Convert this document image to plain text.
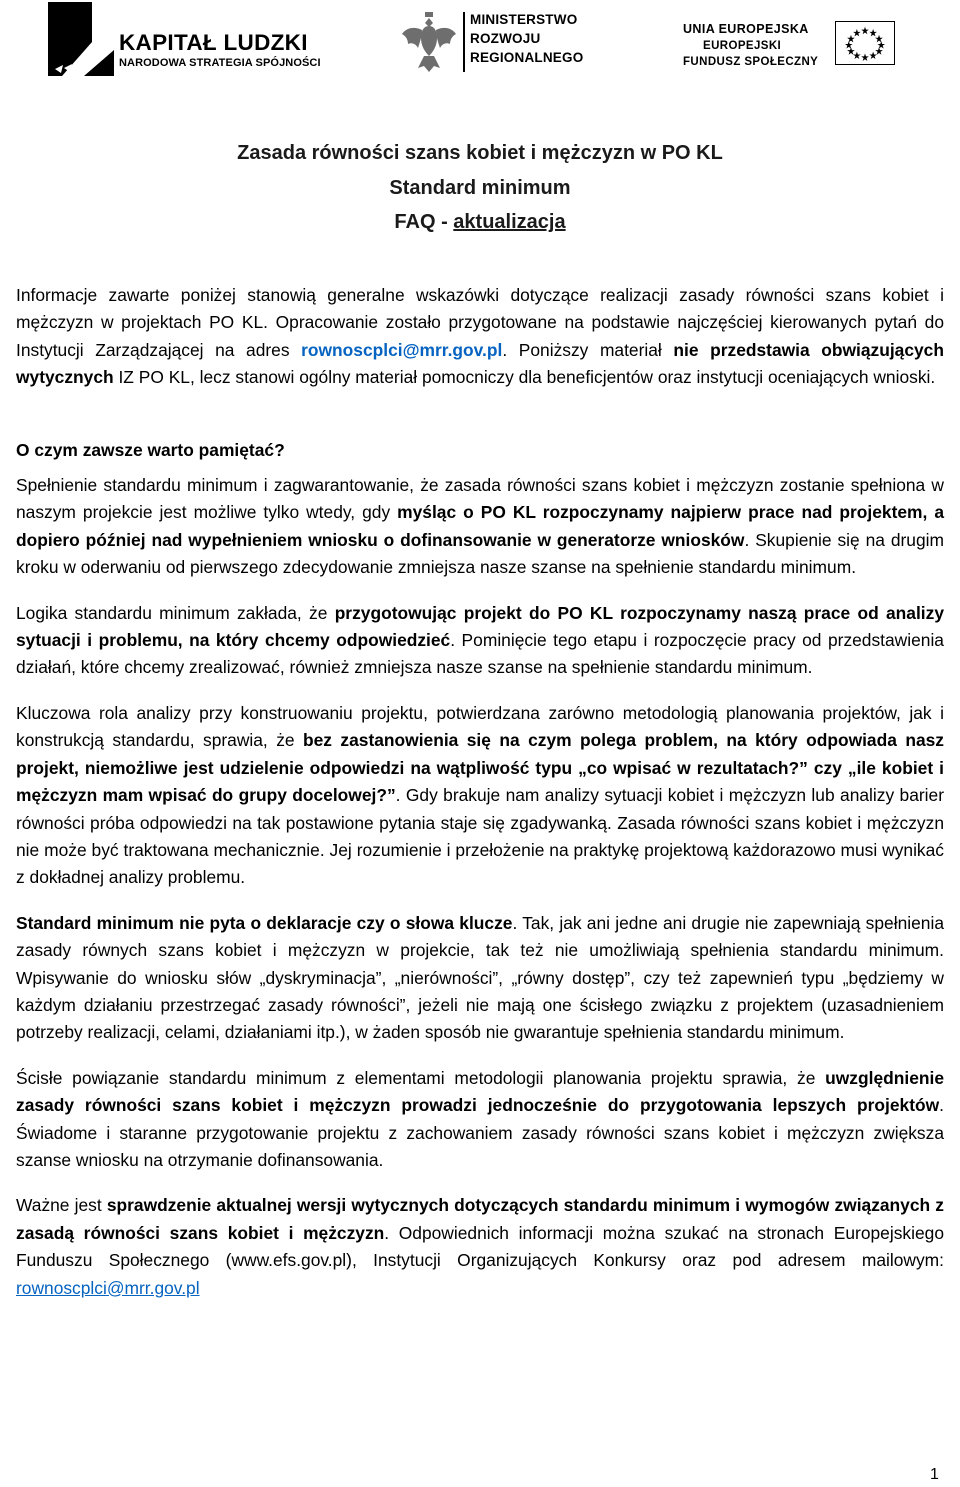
KAPITAŁ LUDZKI
NARODOWA STRATEGIA SPÓJNOŚCI
MINISTERSTWO
ROZWOJU
REGIONALNEGO
UNIA EUROPEJSKA
EUROPEJSKI
FUNDUSZ SPOŁECZNY
Zasada równości szans kobiet i mężczyzn w PO KL
Standard minimum
FAQ - aktualizacja

Informacje zawarte poniżej stanowią generalne wskazówki dotyczące realizacji zasady równości szans kobiet i mężczyzn w projektach PO KL. Opracowanie zostało przygotowane na podstawie najczęściej kierowanych pytań do Instytucji Zarządzającej na adres rownoscplci@mrr.gov.pl. Poniższy materiał nie przedstawia obwiązujących wytycznych IZ PO KL, lecz stanowi ogólny materiał pomocniczy dla beneficjentów oraz instytucji oceniających wnioski.

O czym zawsze warto pamiętać?

Spełnienie standardu minimum i zagwarantowanie, że zasada równości szans kobiet i mężczyzn zostanie spełniona w naszym projekcie jest możliwe tylko wtedy, gdy myśląc o PO KL rozpoczynamy najpierw prace nad projektem, a dopiero później nad wypełnieniem wniosku o dofinansowanie w generatorze wniosków. Skupienie się na drugim kroku w oderwaniu od pierwszego zdecydowanie zmniejsza nasze szanse na spełnienie standardu minimum.

Logika standardu minimum zakłada, że przygotowując projekt do PO KL rozpoczynamy naszą prace od analizy sytuacji i problemu, na który chcemy odpowiedzieć. Pominięcie tego etapu i rozpoczęcie pracy od przedstawienia działań, które chcemy zrealizować, również zmniejsza nasze szanse na spełnienie standardu minimum.

Kluczowa rola analizy przy konstruowaniu projektu, potwierdzana zarówno metodologią planowania projektów, jak i konstrukcją standardu, sprawia, że bez zastanowienia się na czym polega problem, na który odpowiada nasz projekt, niemożliwe jest udzielenie odpowiedzi na wątpliwość typu „co wpisać w rezultatach?” czy „ile kobiet i mężczyzn mam wpisać do grupy docelowej?”. Gdy brakuje nam analizy sytuacji kobiet i mężczyzn lub analizy barier równości próba odpowiedzi na tak postawione pytania staje się zgadywanką. Zasada równości szans kobiet i mężczyzn nie może być traktowana mechanicznie. Jej rozumienie i przełożenie na praktykę projektową każdorazowo musi wynikać z dokładnej analizy problemu.

Standard minimum nie pyta o deklaracje czy o słowa klucze. Tak, jak ani jedne ani drugie nie zapewniają spełnienia zasady równych szans kobiet i mężczyzn w projekcie, tak też nie umożliwiają spełnienia standardu minimum. Wpisywanie do wniosku słów „dyskryminacja”, „nierówności”, „równy dostęp”, czy też zapewnień typu „będziemy w każdym działaniu przestrzegać zasady równości”, jeżeli nie mają one ścisłego związku z projektem (uzasadnieniem potrzeby realizacji, celami, działaniami itp.), w żaden sposób nie gwarantuje spełnienia standardu minimum.

Ścisłe powiązanie standardu minimum z elementami metodologii planowania projektu sprawia, że uwzględnienie zasady równości szans kobiet i mężczyzn prowadzi jednocześnie do przygotowania lepszych projektów. Świadome i staranne przygotowanie projektu z zachowaniem zasady równości szans kobiet i mężczyzn zwiększa szanse wniosku na otrzymanie dofinansowania.

Ważne jest sprawdzenie aktualnej wersji wytycznych dotyczących standardu minimum i wymogów związanych z zasadą równości szans kobiet i mężczyzn. Odpowiednich informacji można szukać na stronach Europejskiego Funduszu Społecznego (www.efs.gov.pl), Instytucji Organizujących Konkursy oraz pod adresem mailowym: rownoscplci@mrr.gov.pl

1
